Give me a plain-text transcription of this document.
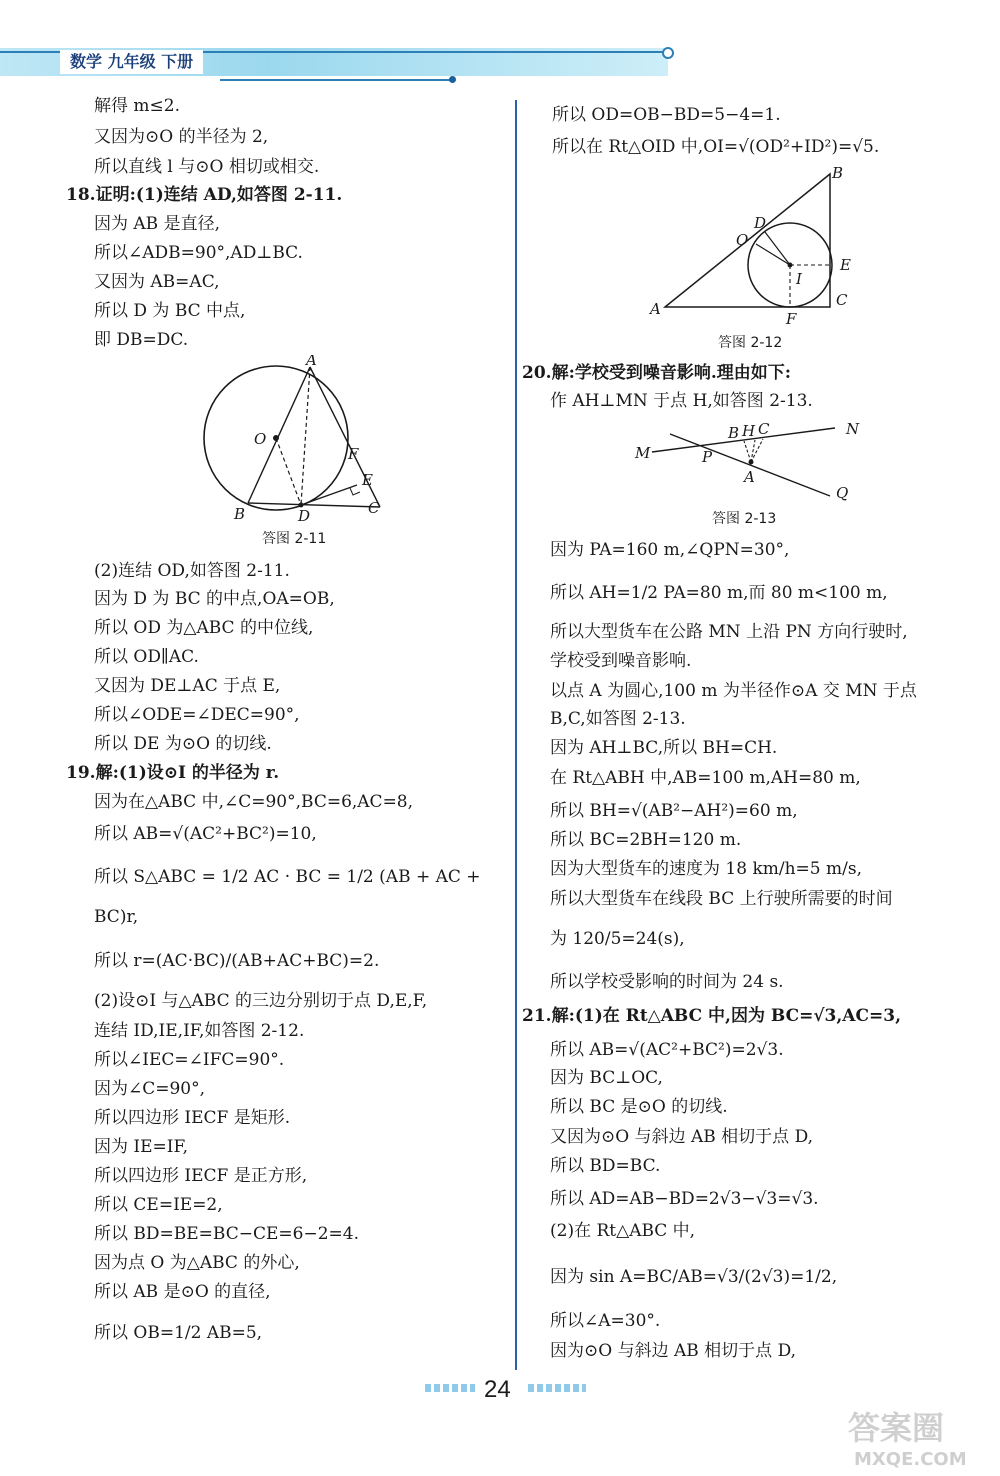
数学 九年级 下册
解得 m≤2.
又因为⊙O 的半径为 2,
所以直线 l 与⊙O 相切或相交.
18.证明:(1)连结 AD,如答图 2-11.
因为 AB 是直径,
所以∠ADB=90°,AD⊥BC.
又因为 AB=AC,
所以 D 为 BC 中点,
即 DB=DC.
A
O
F
E
B	D	C
答图 2-11
(2)连结 OD,如答图 2-11.
因为 D 为 BC 的中点,OA=OB,
所以 OD 为△ABC 的中位线,
所以 OD∥AC.
又因为 DE⊥AC 于点 E,
所以∠ODE=∠DEC=90°,
所以 DE 为⊙O 的切线.
19.解:(1)设⊙I 的半径为 r.
因为在△ABC 中,∠C=90°,BC=6,AC=8,
所以 AB=√(AC²+BC²)=10,
所以 S△ABC = 1/2 AC · BC = 1/2 (AB + AC +
BC)r,
所以 r=(AC·BC)/(AB+AC+BC)=2.
(2)设⊙I 与△ABC 的三边分别切于点 D,E,F,
连结 ID,IE,IF,如答图 2-12.
所以∠IEC=∠IFC=90°.
因为∠C=90°,
所以四边形 IECF 是矩形.
因为 IE=IF,
所以四边形 IECF 是正方形,
所以 CE=IE=2,
所以 BD=BE=BC−CE=6−2=4.
因为点 O 为△ABC 的外心,
所以 AB 是⊙O 的直径,
所以 OB=1/2 AB=5,
所以 OD=OB−BD=5−4=1.
所以在 Rt△OID 中,OI=√(OD²+ID²)=√5.
B
D
O
E
I
A
F
C
答图 2-12
20.解:学校受到噪音影响.理由如下:
作 AH⊥MN 于点 H,如答图 2-13.
B H C	N
M	P
A
Q
答图 2-13
因为 PA=160 m,∠QPN=30°,
所以 AH=1/2 PA=80 m,而 80 m<100 m,
所以大型货车在公路 MN 上沿 PN 方向行驶时,
学校受到噪音影响.
以点 A 为圆心,100 m 为半径作⊙A 交 MN 于点
B,C,如答图 2-13.
因为 AH⊥BC,所以 BH=CH.
在 Rt△ABH 中,AB=100 m,AH=80 m,
所以 BH=√(AB²−AH²)=60 m,
所以 BC=2BH=120 m.
因为大型货车的速度为 18 km/h=5 m/s,
所以大型货车在线段 BC 上行驶所需要的时间
为 120/5=24(s),
所以学校受影响的时间为 24 s.
21.解:(1)在 Rt△ABC 中,因为 BC=√3,AC=3,
所以 AB=√(AC²+BC²)=2√3.
因为 BC⊥OC,
所以 BC 是⊙O 的切线.
又因为⊙O 与斜边 AB 相切于点 D,
所以 BD=BC.
所以 AD=AB−BD=2√3−√3=√3.
(2)在 Rt△ABC 中,
因为 sin A=BC/AB=√3/(2√3)=1/2,
所以∠A=30°.
因为⊙O 与斜边 AB 相切于点 D,
24
答案圈
MXQE.COM
